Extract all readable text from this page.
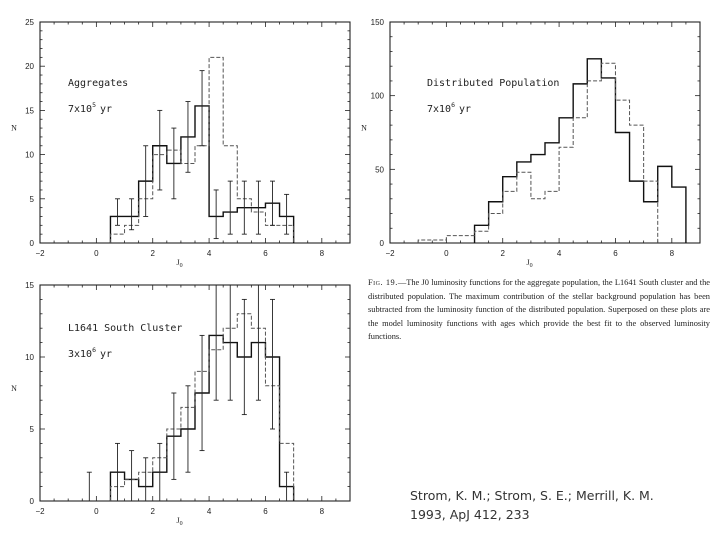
−2	0	2	4	6	8
0
5
10
15
20
25
$J_0$
N
Aggregates
$7x10^5$ yr
−2	0	2	4	6	8
0
50
100
150
$J_0$
N
Distributed Population
$7x10^6$ yr
−2	0	2	4	6	8
0
5
10
15
$J_0$
N
L1641 South Cluster
$3x10^6$ yr
Fig. 19.—The J0 luminosity functions for the aggregate population, the L1641 South cluster and the distributed population. The maximum contribution of the stellar background population has been subtracted from the luminosity function of the distributed population. Superposed on these plots are the model luminosity functions with ages which provide the best fit to the observed luminosity functions.
Strom, K. M.; Strom, S. E.; Merrill, K. M.
1993, ApJ 412, 233
